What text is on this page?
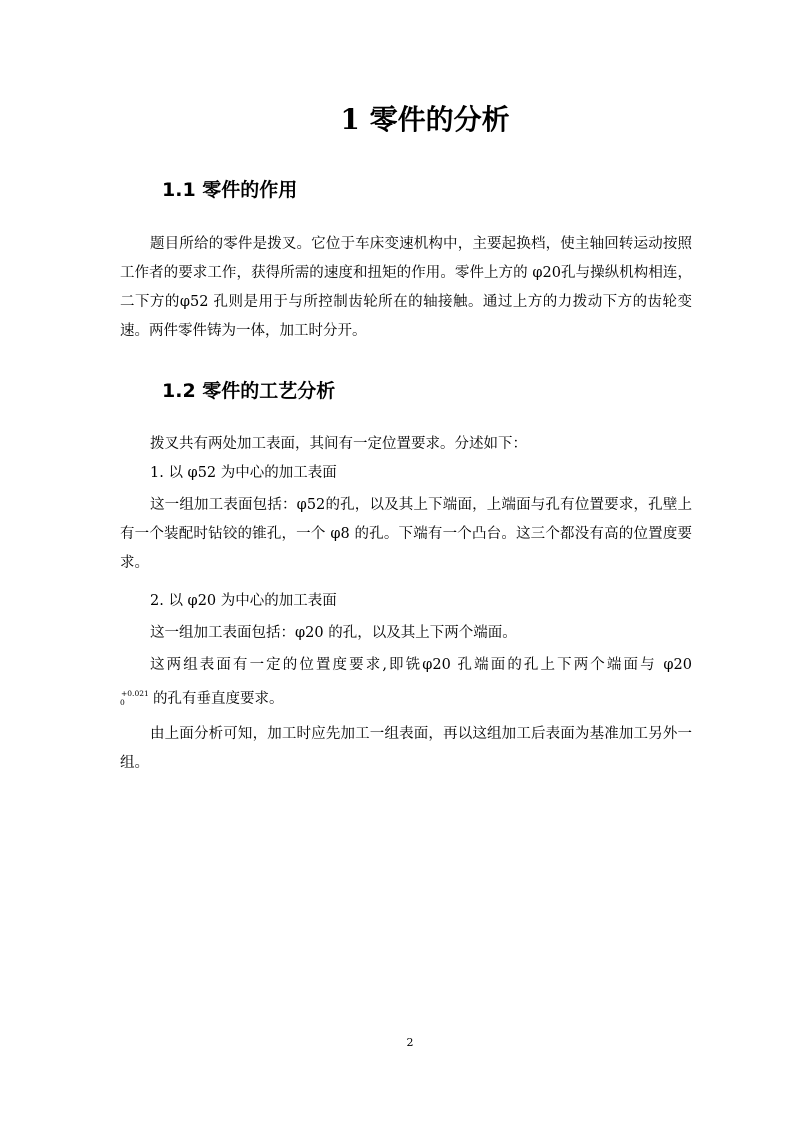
1 零件的分析
1.1 零件的作用
题目所给的零件是拨叉。它位于车床变速机构中，主要起换档，使主轴回转运动按照工作者的要求工作，获得所需的速度和扭矩的作用。零件上方的 φ20孔与操纵机构相连，二下方的φ52 孔则是用于与所控制齿轮所在的轴接触。通过上方的力拨动下方的齿轮变速。两件零件铸为一体，加工时分开。
1.2 零件的工艺分析
拨叉共有两处加工表面，其间有一定位置要求。分述如下：
1. 以 φ52 为中心的加工表面
这一组加工表面包括：φ52的孔，以及其上下端面，上端面与孔有位置要求，孔壁上有一个装配时钻铰的锥孔，一个 φ8 的孔。下端有一个凸台。这三个都没有高的位置度要求。
2. 以 φ20 为中心的加工表面
这一组加工表面包括：φ20 的孔，以及其上下两个端面。
这两组表面有一定的位置度要求,即铣φ20 孔端面的孔上下两个端面与 φ20
+0.021
0 的孔有垂直度要求。
由上面分析可知，加工时应先加工一组表面，再以这组加工后表面为基准加工另外一组。
2
